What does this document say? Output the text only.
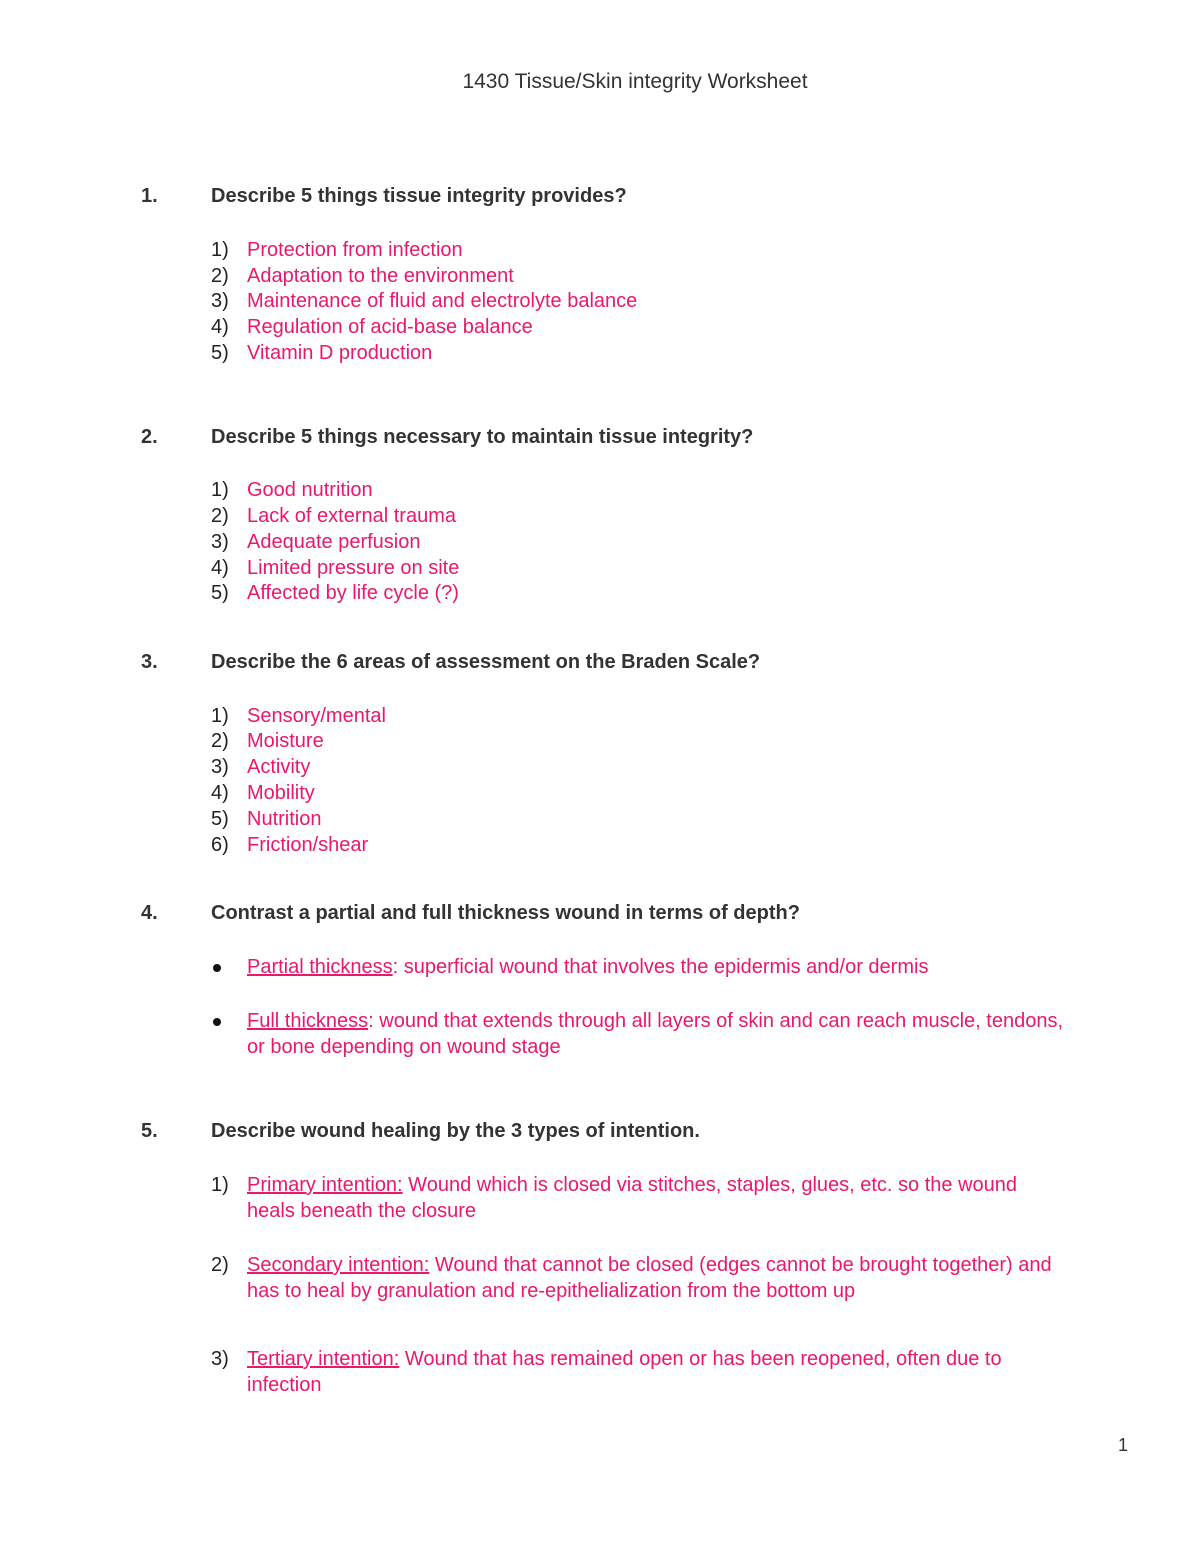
1430 Tissue/Skin integrity Worksheet
1.	Describe 5 things tissue integrity provides?
1) Protection from infection
2) Adaptation to the environment
3) Maintenance of fluid and electrolyte balance
4) Regulation of acid-base balance
5) Vitamin D production
2.	Describe 5 things necessary to maintain tissue integrity?
1) Good nutrition
2) Lack of external trauma
3) Adequate perfusion
4) Limited pressure on site
5) Affected by life cycle (?)
3.	Describe the 6 areas of assessment on the Braden Scale?
1) Sensory/mental
2) Moisture
3) Activity
4) Mobility
5) Nutrition
6) Friction/shear
4.	Contrast a partial and full thickness wound in terms of depth?
Partial thickness: superficial wound that involves the epidermis and/or dermis
Full thickness: wound that extends through all layers of skin and can reach muscle, tendons,
or bone depending on wound stage
5.	Describe wound healing by the 3 types of intention.
1) Primary intention: Wound which is closed via stitches, staples, glues, etc. so the wound
heals beneath the closure
2) Secondary intention: Wound that cannot be closed (edges cannot be brought together) and
has to heal by granulation and re-epithelialization from the bottom up
3) Tertiary intention: Wound that has remained open or has been reopened, often due to
infection
1
